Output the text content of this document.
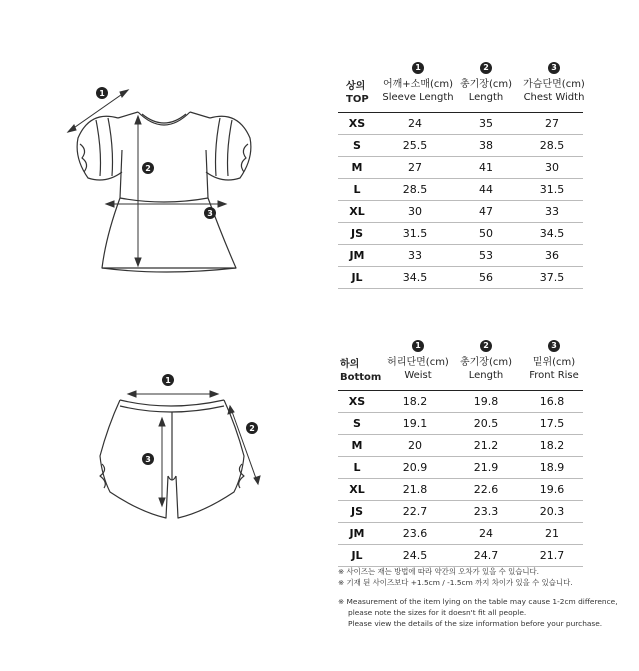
1
2
3
1
2
3
상의
TOP
1
어깨+소매(cm)
Sleeve Length
2
총기장(cm)
Length
3
가슴단면(cm)
Chest Width
XS	24	35	27
S	25.5	38	28.5
M	27	41	30
L	28.5	44	31.5
XL	30	47	33
JS	31.5	50	34.5
JM	33	53	36
JL	34.5	56	37.5
하의
Bottom
1
허리단면(cm)
Weist
2
총기장(cm)
Length
3
밑위(cm)
Front Rise
XS	18.2	19.8	16.8
S	19.1	20.5	17.5
M	20	21.2	18.2
L	20.9	21.9	18.9
XL	21.8	22.6	19.6
JS	22.7	23.3	20.3
JM	23.6	24	21
JL	24.5	24.7	21.7

※ 사이즈는 재는 방법에 따라 약간의 오차가 있을 수 있습니다.

※ 기재 된 사이즈보다 +1.5cm / -1.5cm 까지 차이가 있을 수 있습니다.

※ Measurement of the item lying on the table may cause 1-2cm difference,

please note the sizes for it doesn't fit all people.

Please view the details of the size information before your purchase.
